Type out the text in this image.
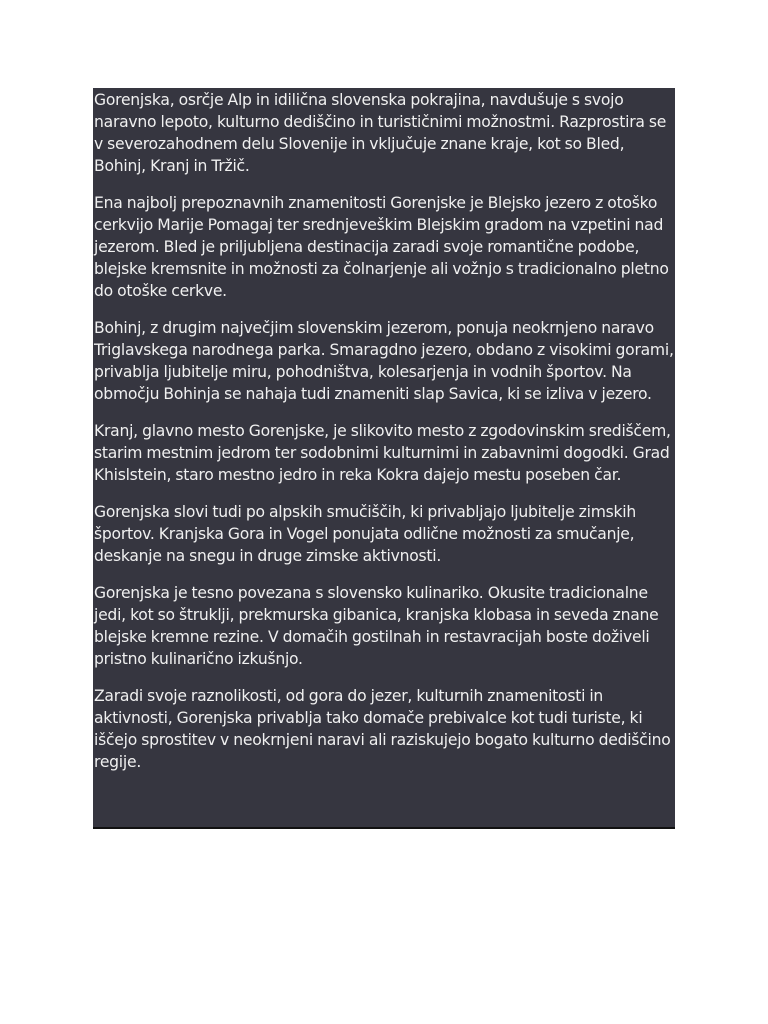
Gorenjska, osrčje Alp in idilična slovenska pokrajina, navdušuje s svojo naravno lepoto, kulturno dediščino in turističnimi možnostmi. Razprostira se v severozahodnem delu Slovenije in vključuje znane kraje, kot so Bled, Bohinj, Kranj in Tržič.

Ena najbolj prepoznavnih znamenitosti Gorenjske je Blejsko jezero z otoško cerkvijo Marije Pomagaj ter srednjeveškim Blejskim gradom na vzpetini nad jezerom. Bled je priljubljena destinacija zaradi svoje romantične podobe, blejske kremsnite in možnosti za čolnarjenje ali vožnjo s tradicionalno pletno do otoške cerkve.

Bohinj, z drugim največjim slovenskim jezerom, ponuja neokrnjeno naravo Triglavskega narodnega parka. Smaragdno jezero, obdano z visokimi gorami, privablja ljubitelje miru, pohodništva, kolesarjenja in vodnih športov. Na območju Bohinja se nahaja tudi znameniti slap Savica, ki se izliva v jezero.

Kranj, glavno mesto Gorenjske, je slikovito mesto z zgodovinskim središčem, starim mestnim jedrom ter sodobnimi kulturnimi in zabavnimi dogodki. Grad Khislstein, staro mestno jedro in reka Kokra dajejo mestu poseben čar.

Gorenjska slovi tudi po alpskih smučiščih, ki privabljajo ljubitelje zimskih športov. Kranjska Gora in Vogel ponujata odlične možnosti za smučanje, deskanje na snegu in druge zimske aktivnosti.

Gorenjska je tesno povezana s slovensko kulinariko. Okusite tradicionalne jedi, kot so štruklji, prekmurska gibanica, kranjska klobasa in seveda znane blejske kremne rezine. V domačih gostilnah in restavracijah boste doživeli pristno kulinarično izkušnjo.

Zaradi svoje raznolikosti, od gora do jezer, kulturnih znamenitosti in aktivnosti, Gorenjska privablja tako domače prebivalce kot tudi turiste, ki iščejo sprostitev v neokrnjeni naravi ali raziskujejo bogato kulturno dediščino regije.
